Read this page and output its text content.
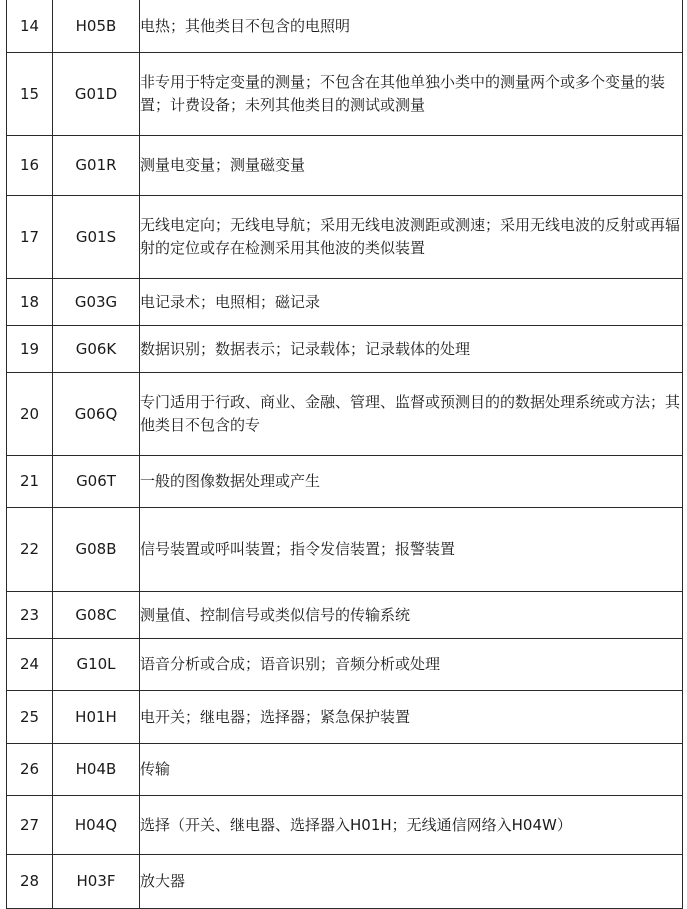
14	H05B	电热；其他类目不包含的电照明
15	G01D	非专用于特定变量的测量；不包含在其他单独小类中的测量两个或多个变量的装置；计费设备；未列其他类目的测试或测量
16	G01R	测量电变量；测量磁变量
17	G01S	无线电定向；无线电导航；采用无线电波测距或测速；采用无线电波的反射或再辐射的定位或存在检测采用其他波的类似装置
18	G03G	电记录术；电照相；磁记录
19	G06K	数据识别；数据表示；记录载体；记录载体的处理
20	G06Q	专门适用于行政、商业、金融、管理、监督或预测目的的数据处理系统或方法；其他类目不包含的专
21	G06T	一般的图像数据处理或产生
22	G08B	信号装置或呼叫装置；指令发信装置；报警装置
23	G08C	测量值、控制信号或类似信号的传输系统
24	G10L	语音分析或合成；语音识别；音频分析或处理
25	H01H	电开关；继电器；选择器；紧急保护装置
26	H04B	传输
27	H04Q	选择（开关、继电器、选择器入H01H；无线通信网络入H04W）
28	H03F	放大器
